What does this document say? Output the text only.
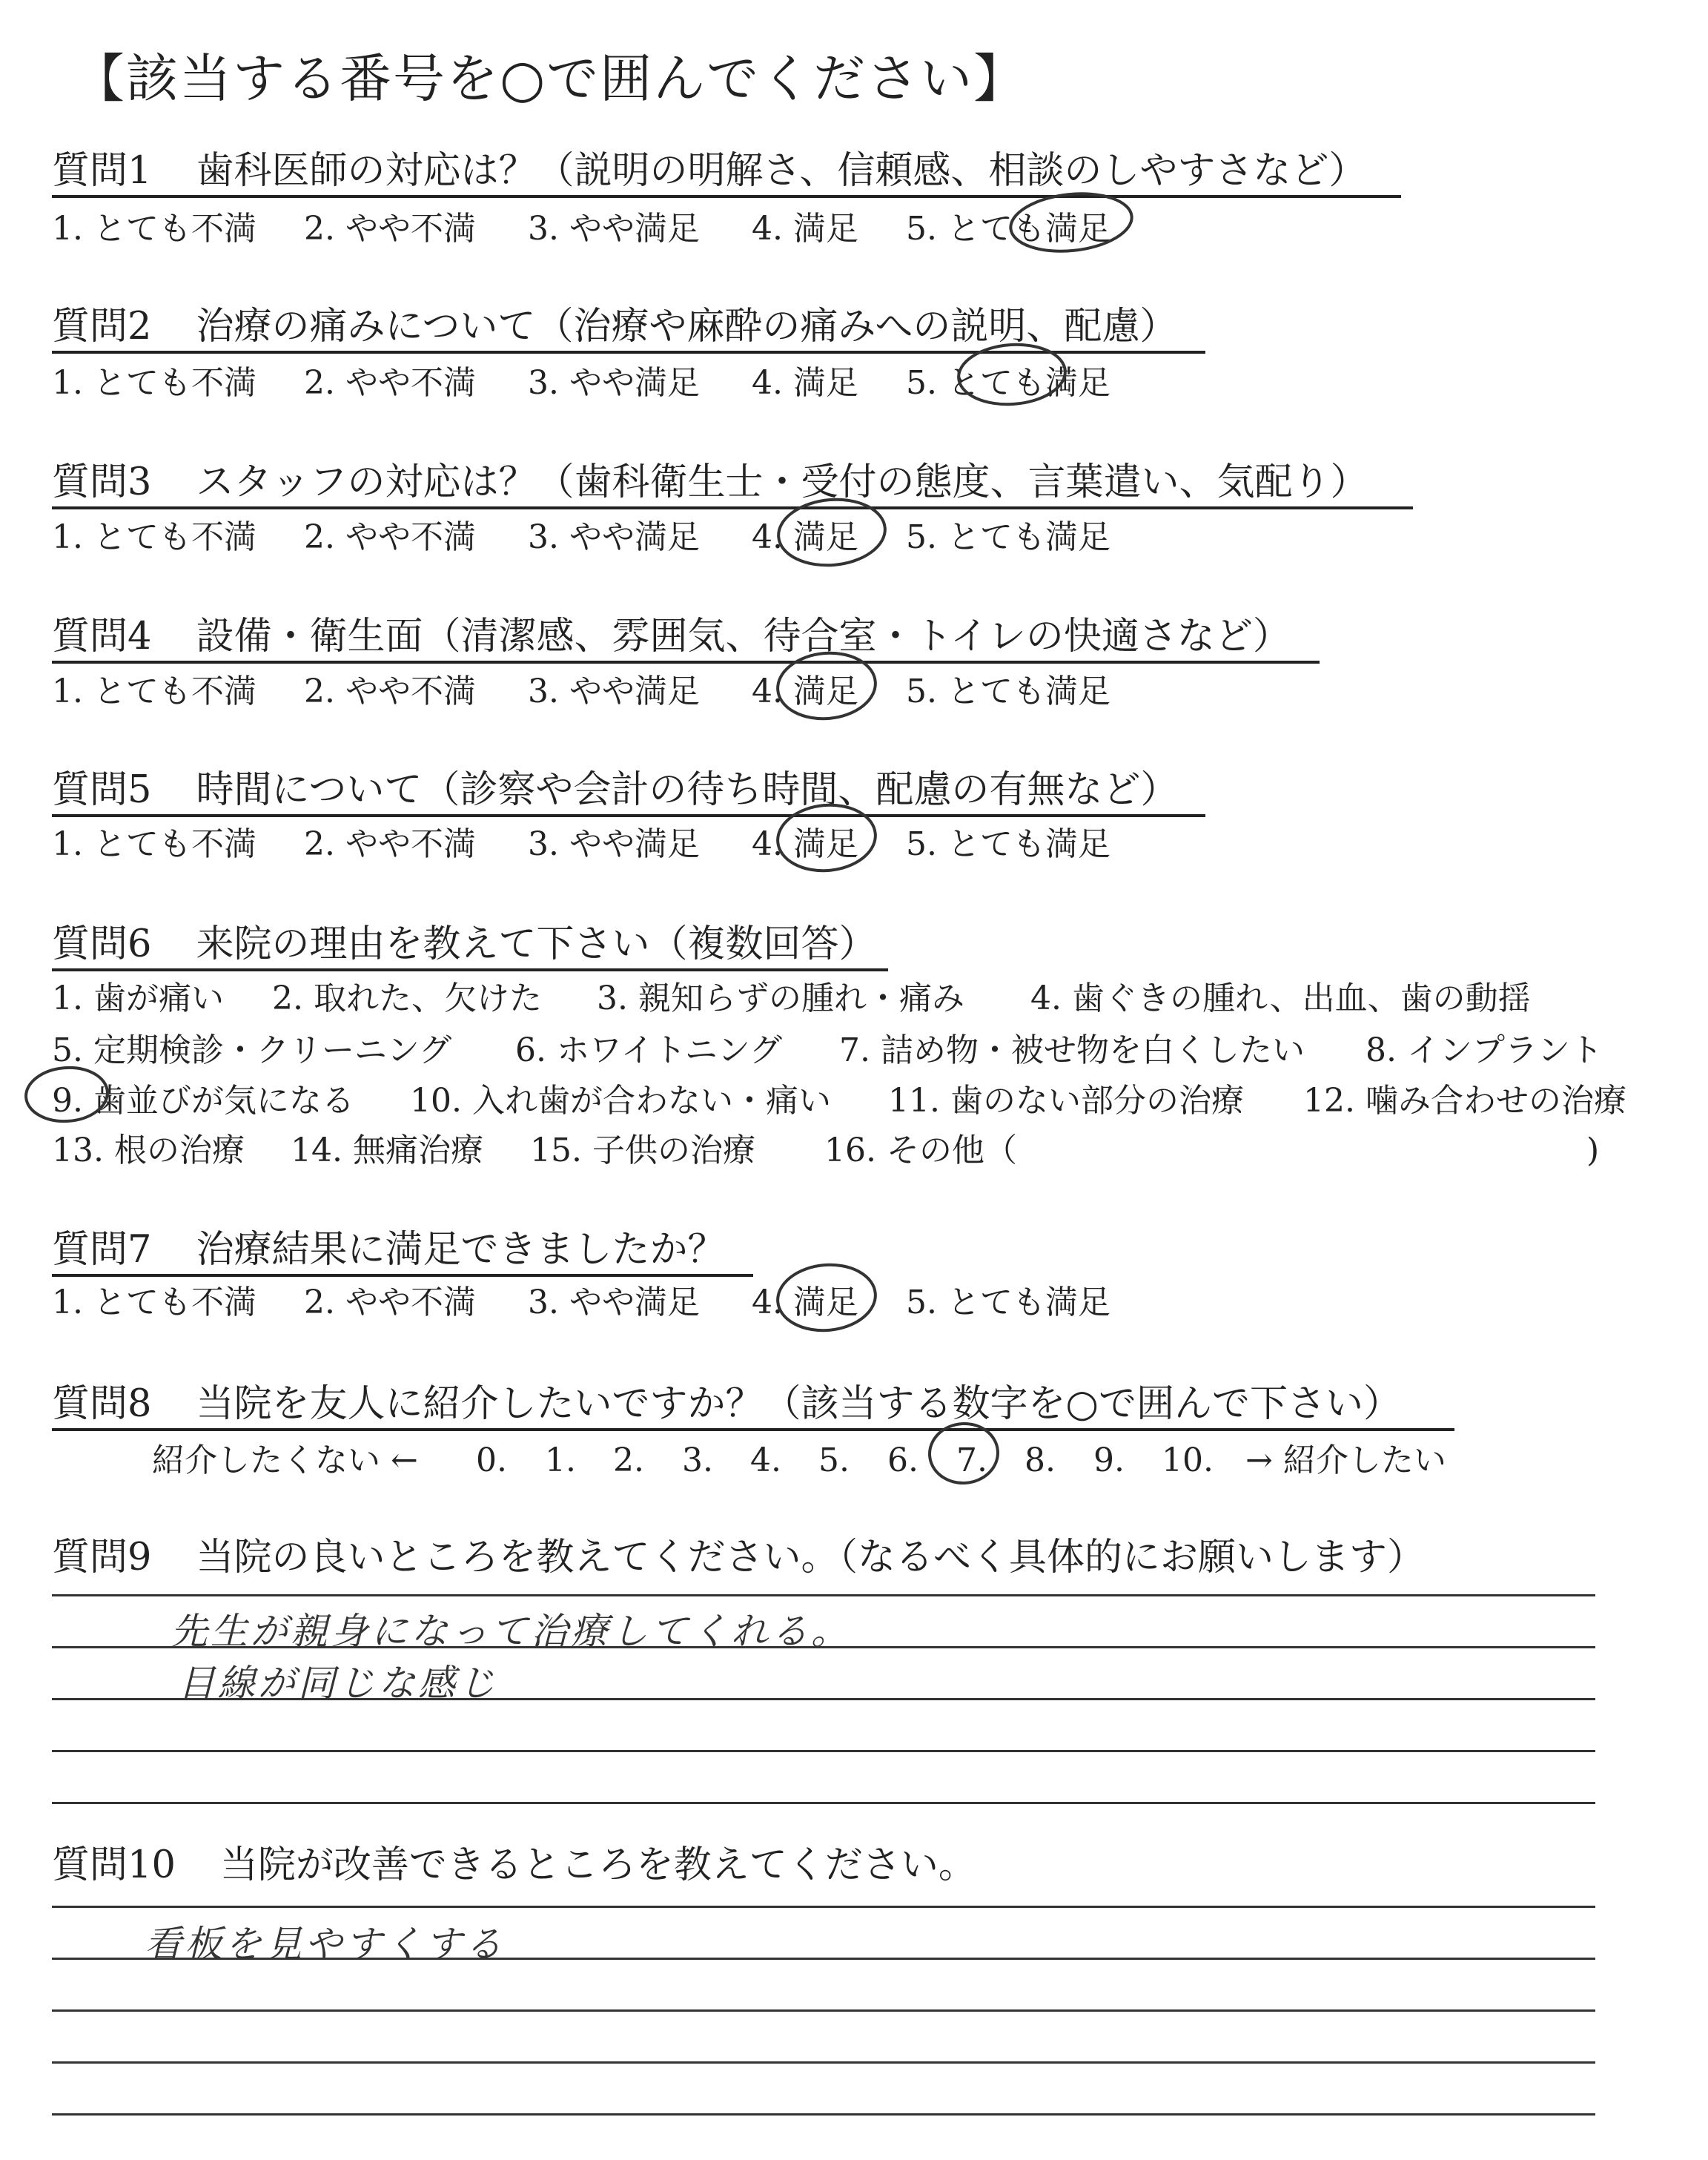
【該当する番号を○で囲んでください】
質問1 歯科医師の対応は？（説明の明解さ、信頼感、相談のしやすさなど）
1. とても不満 2. やや不満 3. やや満足 4. 満足 5. とても満足
質問2 治療の痛みについて（治療や麻酔の痛みへの説明、配慮）
1. とても不満 2. やや不満 3. やや満足 4. 満足 5. とても満足
質問3 スタッフの対応は？（歯科衛生士・受付の態度、言葉遣い、気配り）
1. とても不満 2. やや不満 3. やや満足 4. 満足 5. とても満足
質問4 設備・衛生面（清潔感、雰囲気、待合室・トイレの快適さなど）
1. とても不満 2. やや不満 3. やや満足 4. 満足 5. とても満足
質問5 時間について（診察や会計の待ち時間、配慮の有無など）
1. とても不満 2. やや不満 3. やや満足 4. 満足 5. とても満足
質問6 来院の理由を教えて下さい（複数回答）
1. 歯が痛い 2. 取れた、欠けた 3. 親知らずの腫れ・痛み 4. 歯ぐきの腫れ、出血、歯の動揺
5. 定期検診・クリーニング 6. ホワイトニング 7. 詰め物・被せ物を白くしたい 8. インプラント
9. 歯並びが気になる 10. 入れ歯が合わない・痛い 11. 歯のない部分の治療 12. 噛み合わせの治療
13. 根の治療 14. 無痛治療 15. 子供の治療 16. その他（	)
質問7 治療結果に満足できましたか？
1. とても不満 2. やや不満 3. やや満足 4. 満足 5. とても満足
質問8 当院を友人に紹介したいですか？（該当する数字を○で囲んで下さい）
紹介したくない ← 0. 1. 2. 3. 4. 5. 6. 7. 8. 9. 10. → 紹介したい
質問9 当院の良いところを教えてください。（なるべく具体的にお願いします）
先生が親身になって治療してくれる。
目線が同じな感じ
質問10 当院が改善できるところを教えてください。
看板を見やすくする
